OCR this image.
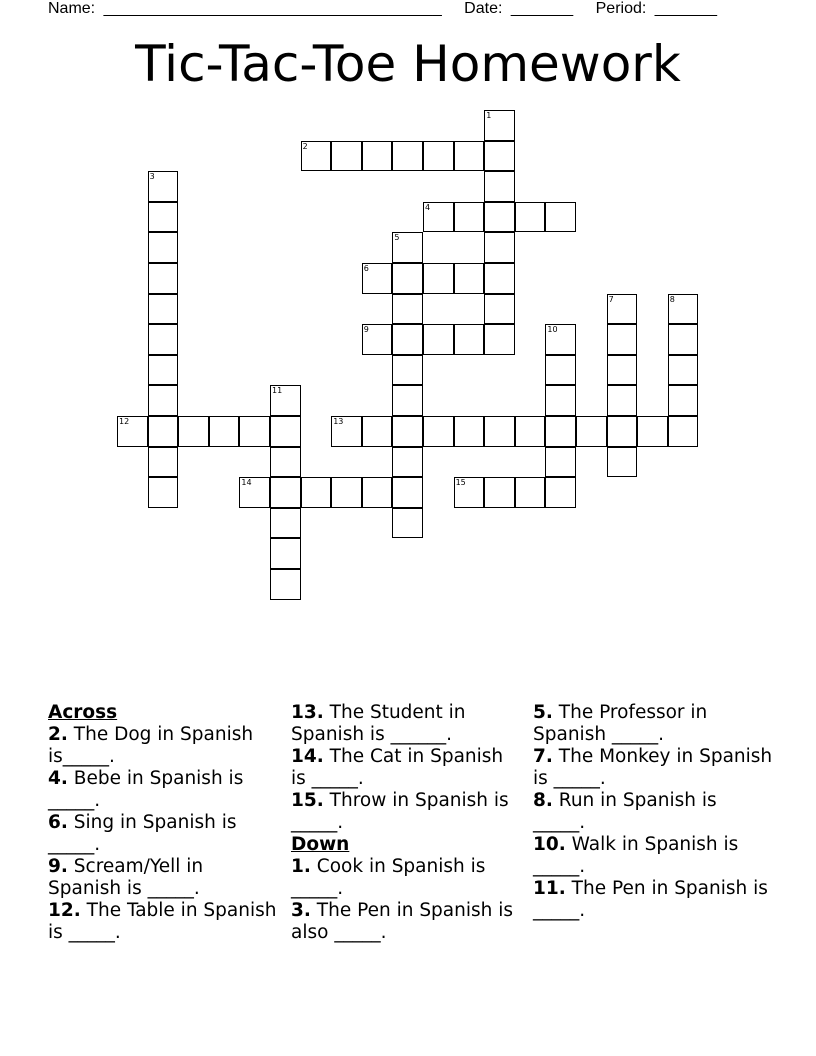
Name: ______________________________________ Date: _______ Period: _______
Tic-Tac-Toe Homework
1
2
3
4
5
6
7	8
9	10
11
12	13
14	15
Across
2. The Dog in Spanish is_____.
4. Bebe in Spanish is _____.
6. Sing in Spanish is _____.
9. Scream/Yell in Spanish is _____.
12. The Table in Spanish is _____.
13. The Student in Spanish is ______.
14. The Cat in Spanish is _____.
15. Throw in Spanish is _____.
Down
1. Cook in Spanish is _____.
3. The Pen in Spanish is also _____.
5. The Professor in Spanish _____.
7. The Monkey in Spanish is _____.
8. Run in Spanish is _____.
10. Walk in Spanish is _____.
11. The Pen in Spanish is _____.
